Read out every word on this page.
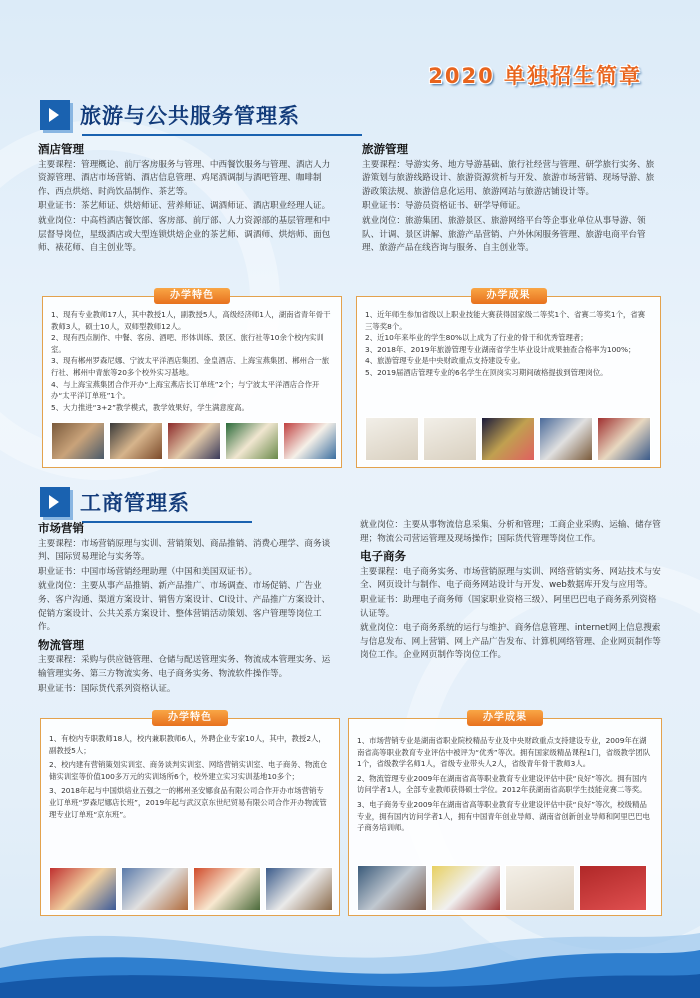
2020 单独招生简章
旅游与公共服务管理系
酒店管理

主要课程：管理概论、前厅客房服务与管理、中西餐饮服务与管理、酒店人力资源管理、酒店市场营销、酒店信息管理、鸡尾酒调制与酒吧管理、咖啡制作、西点烘焙、时尚饮品制作、茶艺等。

职业证书：茶艺师证、烘焙师证、营养师证、调酒师证、酒店职业经理人证。

就业岗位：中高档酒店餐饮部、客房部、前厅部、人力资源部的基层管理和中层督导岗位，星级酒店或大型连锁烘焙企业的茶艺师、调酒师、烘焙师、面包师、裱花师、自主创业等。

旅游管理

主要课程：导游实务、地方导游基础、旅行社经营与管理、研学旅行实务、旅游策划与旅游线路设计、旅游资源赏析与开发、旅游市场营销、现场导游、旅游政策法规、旅游信息化运用、旅游网站与旅游店铺设计等。

职业证书：导游员资格证书、研学导师证。

就业岗位：旅游集团、旅游景区、旅游网络平台等企事业单位从事导游、领队、计调、景区讲解、旅游产品营销、户外休闲服务管理、旅游电商平台管理、旅游产品在线咨询与服务、自主创业等。

办学特色
1、现有专业教师17人，其中教授1人，副教授5人，高级经济师1人，湖南省青年骨干教师3人，硕士10人，双师型教师12人。
2、现有西点制作、中餐、客房、酒吧、形体训练、景区、旅行社等10余个校内实训室。
3、现有郴州罗森尼娜、宁波太平洋酒店集团、金皇酒店、上海宝燕集团、郴州合一旅行社、郴州中青旅等20多个校外实习基地。
4、与上海宝燕集团合作开办“上海宝燕店长订单班”2个；与宁波太平洋酒店合作开办“太平洋订单班”1个。
5、大力推进“3+2”教学模式，教学效果好，学生满意度高。
办学成果
1、近年师生参加省级以上职业技能大赛获得国家级二等奖1个、省赛二等奖1个，省赛三等奖8个。
2、近10年来毕业的学生80%以上成为了行业的骨干和优秀管理者；
3、2018年、2019年旅游管理专业湖南省学生毕业设计成果抽查合格率为100%；
4、旅游管理专业是中央财政重点支持建设专业。
5、2019届酒店管理专业的6名学生在顶岗实习期间破格提拔到管理岗位。
工商管理系
市场营销

主要课程：市场营销原理与实训、营销策划、商品推销、消费心理学、商务谈判、国际贸易理论与实务等。

职业证书：中国市场营销经理助理（中国和美国双证书）。

就业岗位：主要从事产品推销、新产品推广、市场调查、市场促销、广告业务、客户沟通、渠道方案设计、销售方案设计、CI设计、产品推广方案设计、促销方案设计、公共关系方案设计、整体营销活动策划、客户管理等岗位工作。

物流管理

主要课程：采购与供应链管理、仓储与配送管理实务、物流成本管理实务、运输管理实务、第三方物流实务、电子商务实务、物流软件操作等。

职业证书：国际货代系列资格认证。

就业岗位：主要从事物流信息采集、分析和管理；工商企业采购、运输、储存管理；物流公司营运管理及现场操作；国际货代管理等岗位工作。

电子商务

主要课程：电子商务实务、市场营销原理与实训、网络营销实务、网站技术与安全、网页设计与制作、电子商务网站设计与开发、web数据库开发与应用等。

职业证书：助理电子商务师（国家职业资格三级）、阿里巴巴电子商务系列资格认证等。

就业岗位：电子商务系统的运行与维护、商务信息管理、internet网上信息搜索与信息发布、网上营销、网上产品广告发布、计算机网络管理、企业网页制作等岗位工作。企业网页制作等岗位工作。

办学特色
1、有校内专职教师18人，校内兼职教师6人，外聘企业专家10人，其中，教授2人，副教授5人；
2、校内建有营销策划实训室、商务谈判实训室、网络营销实训室、电子商务、物流仓储实训室等价值100多万元的实训场所6个，校外建立实习实训基地10多个；
3、2018年起与中国烘焙业五强之一的郴州圣安娜食品有限公司合作开办市场营销专业订单班“罗森尼娜店长班”，2019年起与武汉京东世纪贸易有限公司合作开办物流管理专业订单班“京东班”。
办学成果
1、市场营销专业是湖南省职业院校精品专业及中央财政重点支持建设专业，2009年在湖南省高等职业教育专业评估中被评为“优秀”等次。拥有国家级精品课程1门，省级教学团队1个，省级教学名师1人，省级专业带头人2人，省级青年骨干教师3人。
2、物流管理专业2009年在湖南省高等职业教育专业建设评估中获“良好”等次。拥有国内访问学者1人，全部专业教师获得硕士学位。2012年获湖南省高职学生技能竞赛二等奖。
3、电子商务专业2009年在湖南省高等职业教育专业建设评估中获“良好”等次，校级精品专业，拥有国内访问学者1人，拥有中国青年创业导师、湖南省创新创业导师和阿里巴巴电子商务培训师。
